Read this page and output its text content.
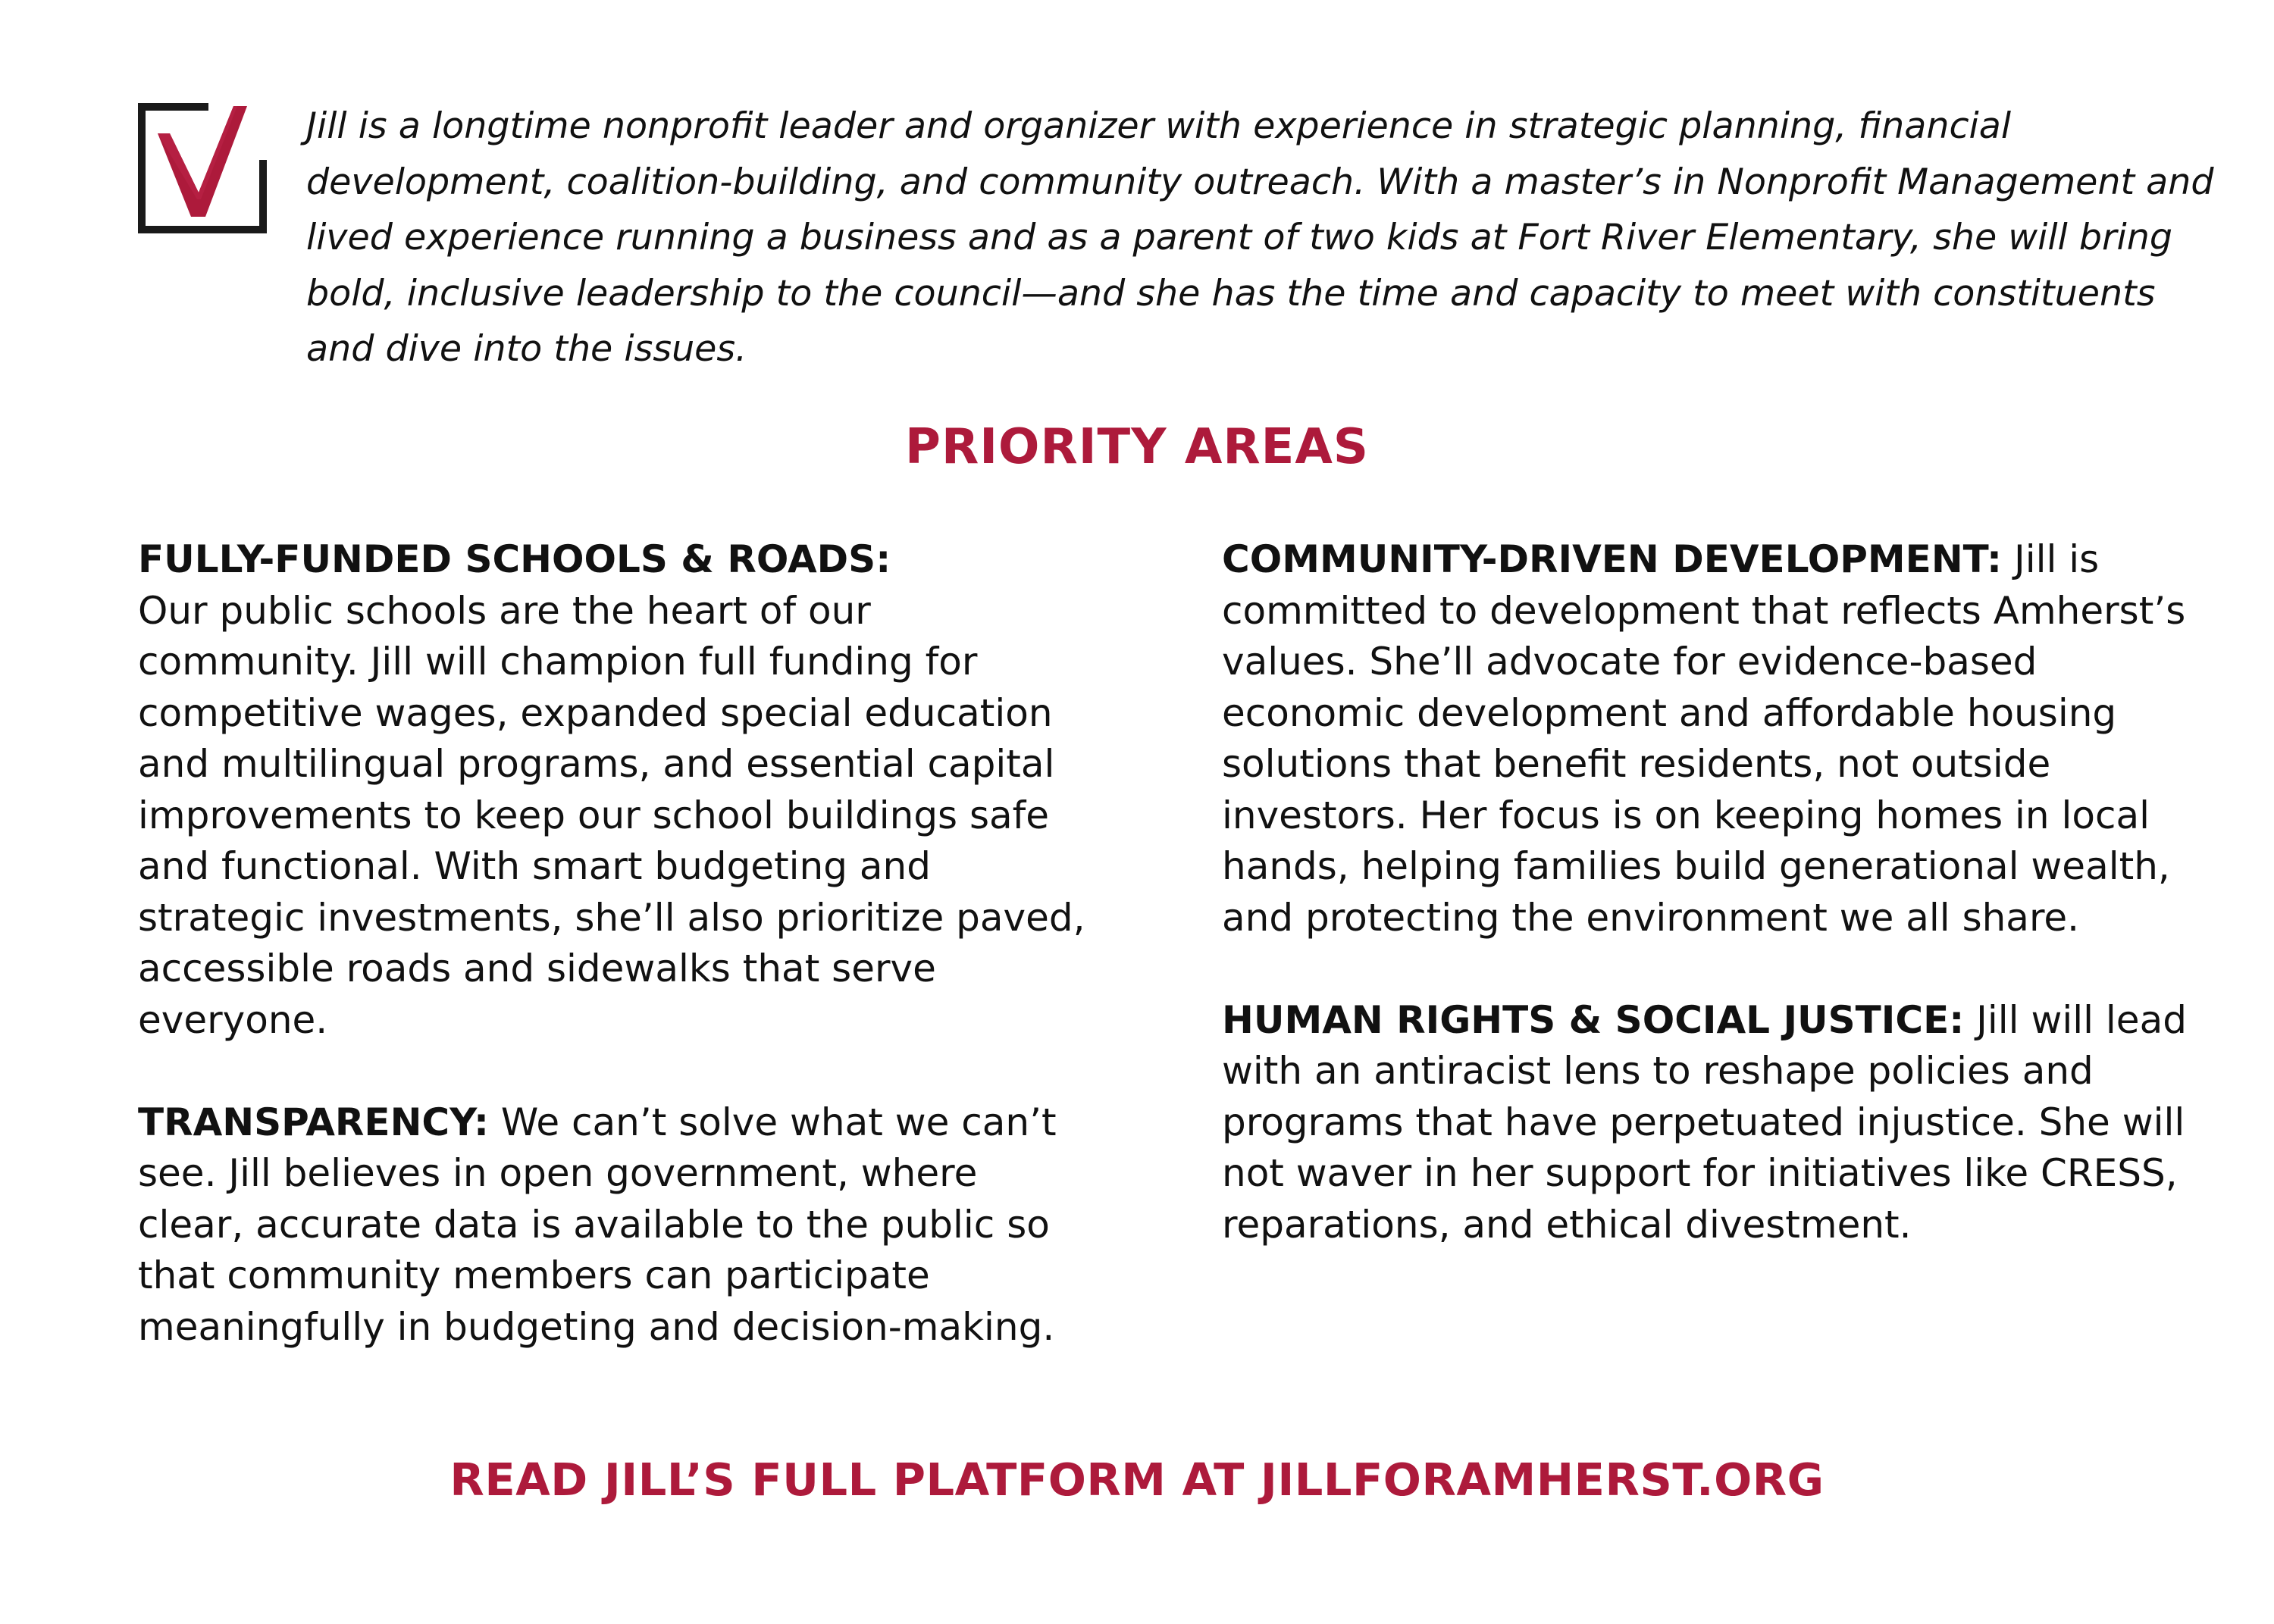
Jill is a longtime nonprofit leader and organizer with experience in strategic planning, financial development, coalition-building, and community outreach. With a master’s in Nonprofit Management and lived experience running a business and as a parent of two kids at Fort River Elementary, she will bring bold, inclusive leadership to the council—and she has the time and capacity to meet with constituents and dive into the issues.

PRIORITY AREAS

FULLY-FUNDED SCHOOLS & ROADS:
Our public schools are the heart of our community. Jill will champion full funding for competitive wages, expanded special education and multilingual programs, and essential capital improvements to keep our school buildings safe and functional. With smart budgeting and strategic investments, she’ll also prioritize paved, accessible roads and sidewalks that serve everyone.

TRANSPARENCY: We can’t solve what we can’t see. Jill believes in open government, where clear, accurate data is available to the public so that community members can participate meaningfully in budgeting and decision-making.

COMMUNITY-DRIVEN DEVELOPMENT: Jill is committed to development that reflects Amherst’s values. She’ll advocate for evidence-based economic development and affordable housing solutions that benefit residents, not outside investors. Her focus is on keeping homes in local hands, helping families build generational wealth, and protecting the environment we all share.

HUMAN RIGHTS & SOCIAL JUSTICE: Jill will lead with an antiracist lens to reshape policies and programs that have perpetuated injustice. She will not waver in her support for initiatives like CRESS, reparations, and ethical divestment.

READ JILL’S FULL PLATFORM AT JILLFORAMHERST.ORG
